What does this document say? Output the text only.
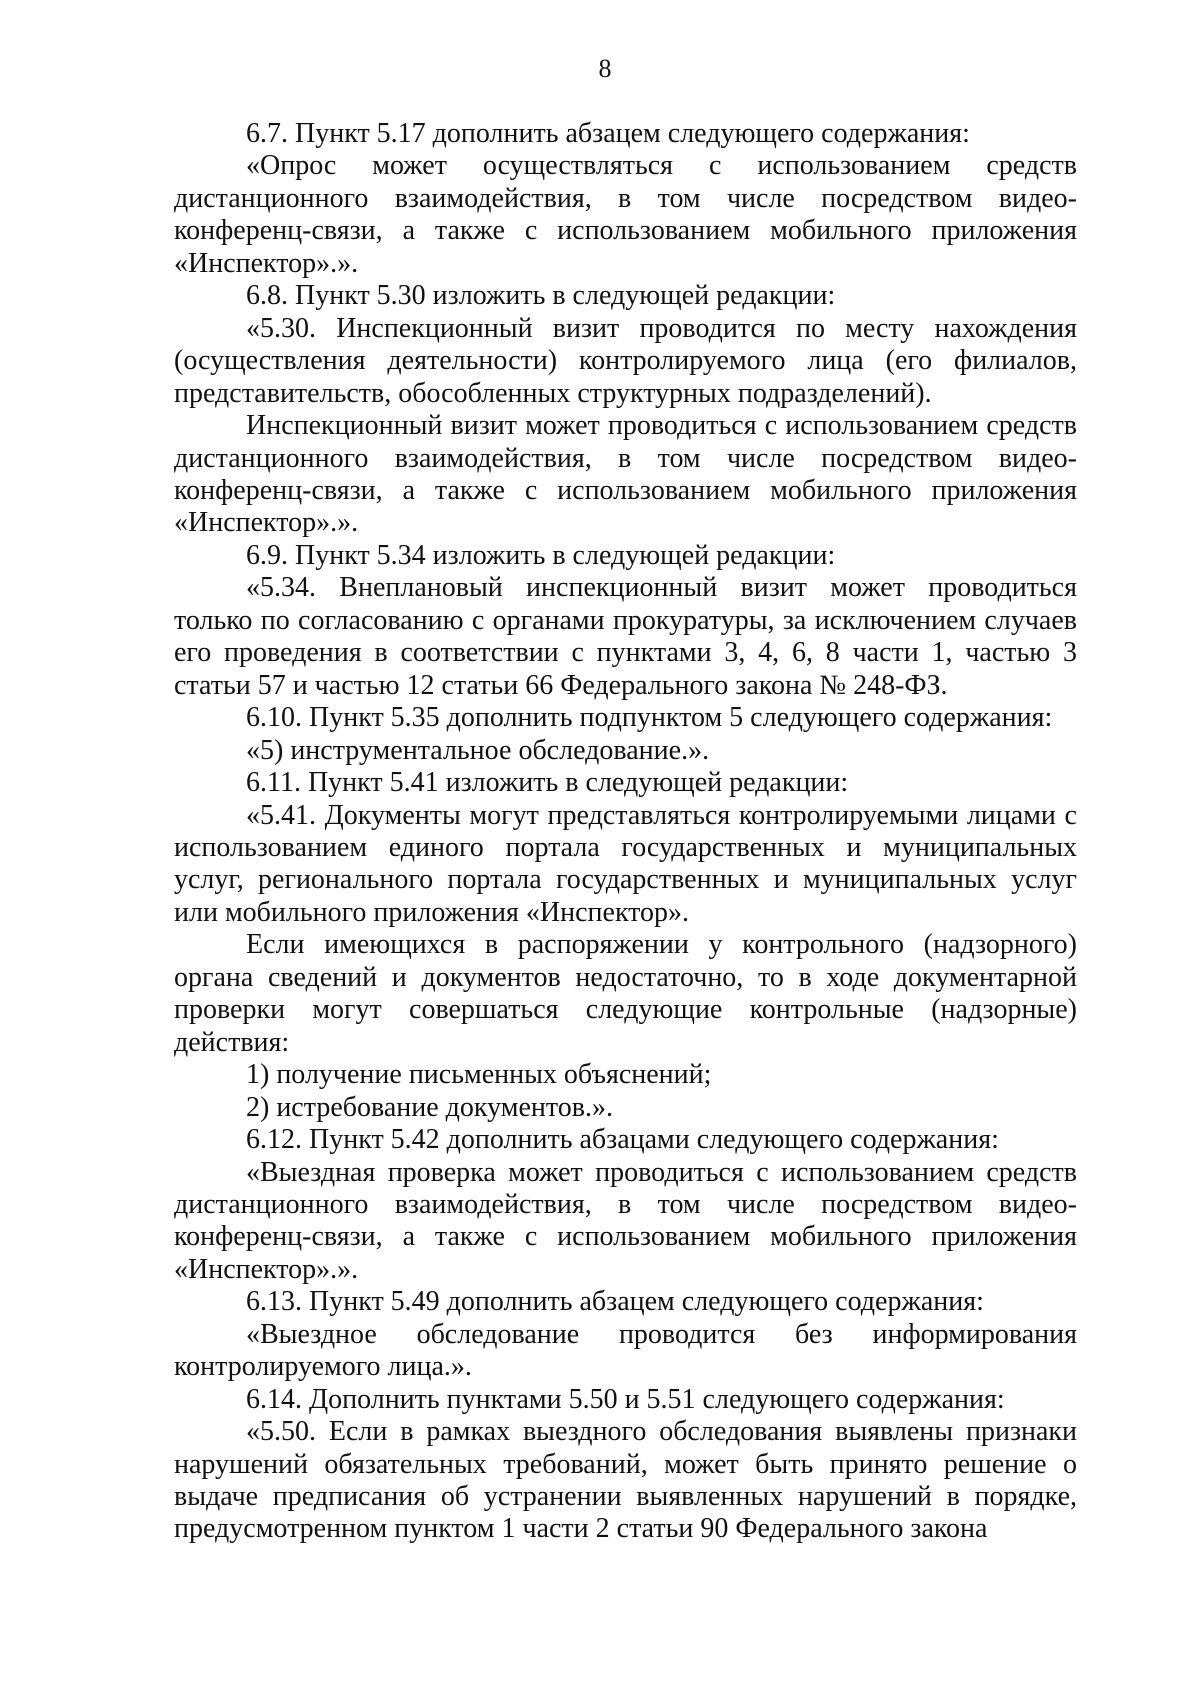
8

6.7. Пункт 5.17 дополнить абзацем следующего содержания:

«Опрос может осуществляться с использованием средств дистанционного взаимодействия, в том числе посредством видео-конференц-связи, а также с использованием мобильного приложения «Инспектор».».

6.8. Пункт 5.30 изложить в следующей редакции:

«5.30. Инспекционный визит проводится по месту нахождения (осуществления деятельности) контролируемого лица (его филиалов, представительств, обособленных структурных подразделений).

Инспекционный визит может проводиться с использованием средств дистанционного взаимодействия, в том числе посредством видео-конференц-связи, а также с использованием мобильного приложения «Инспектор».».

6.9. Пункт 5.34 изложить в следующей редакции:

«5.34. Внеплановый инспекционный визит может проводиться только по согласованию с органами прокуратуры, за исключением случаев его проведения в соответствии с пунктами 3, 4, 6, 8 части 1, частью 3 статьи 57 и частью 12 статьи 66 Федерального закона № 248-ФЗ.

6.10. Пункт 5.35 дополнить подпунктом 5 следующего содержания:

«5) инструментальное обследование.».

6.11. Пункт 5.41 изложить в следующей редакции:

«5.41. Документы могут представляться контролируемыми лицами с использованием единого портала государственных и муниципальных услуг, регионального портала государственных и муниципальных услуг или мобильного приложения «Инспектор».

Если имеющихся в распоряжении у контрольного (надзорного) органа сведений и документов недостаточно, то в ходе документарной проверки могут совершаться следующие контрольные (надзорные) действия:

1) получение письменных объяснений;

2) истребование документов.».

6.12. Пункт 5.42 дополнить абзацами следующего содержания:

«Выездная проверка может проводиться с использованием средств дистанционного взаимодействия, в том числе посредством видео-конференц-связи, а также с использованием мобильного приложения «Инспектор».».

6.13. Пункт 5.49 дополнить абзацем следующего содержания:

«Выездное обследование проводится без информирования контролируемого лица.».

6.14. Дополнить пунктами 5.50 и 5.51 следующего содержания:

«5.50. Если в рамках выездного обследования выявлены признаки нарушений обязательных требований, может быть принято решение о выдаче предписания об устранении выявленных нарушений в порядке, предусмотренном пунктом 1 части 2 статьи 90 Федерального закона
